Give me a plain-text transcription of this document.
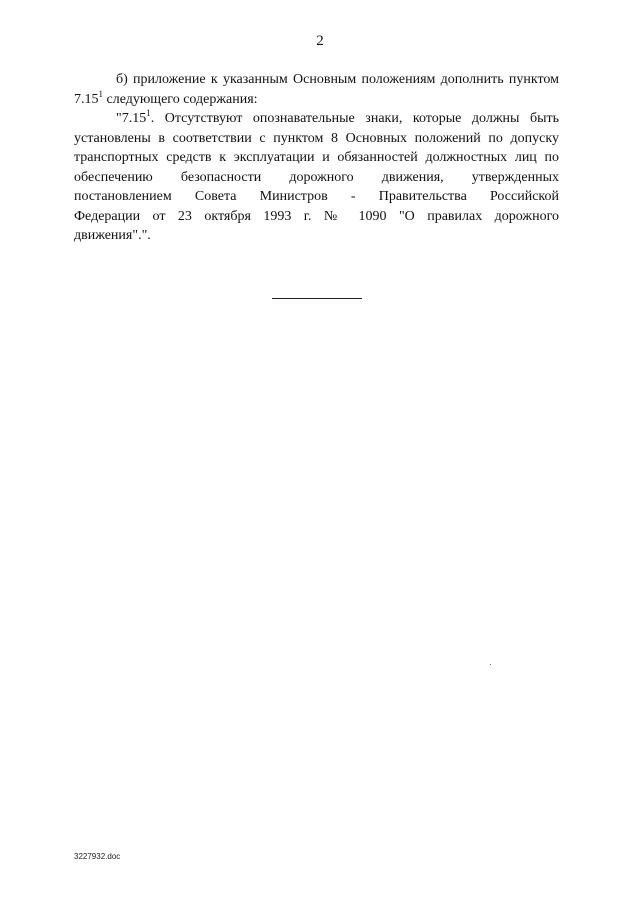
2

б) приложение к указанным Основным положениям дополнить пунктом 7.15$^1$ следующего содержания:

"7.15$^1$. Отсутствуют опознавательные знаки, которые должны быть
установлены в соответствии с пунктом 8 Основных положений по допуску
транспортных средств к эксплуатации и обязанностей должностных лиц по
обеспечению безопасности дорожного движения, утвержденных
постановлением Совета Министров - Правительства Российской
Федерации от 23 октября 1993 г. № 1090 "О правилах дорожного
движения".".
3227932.doc
